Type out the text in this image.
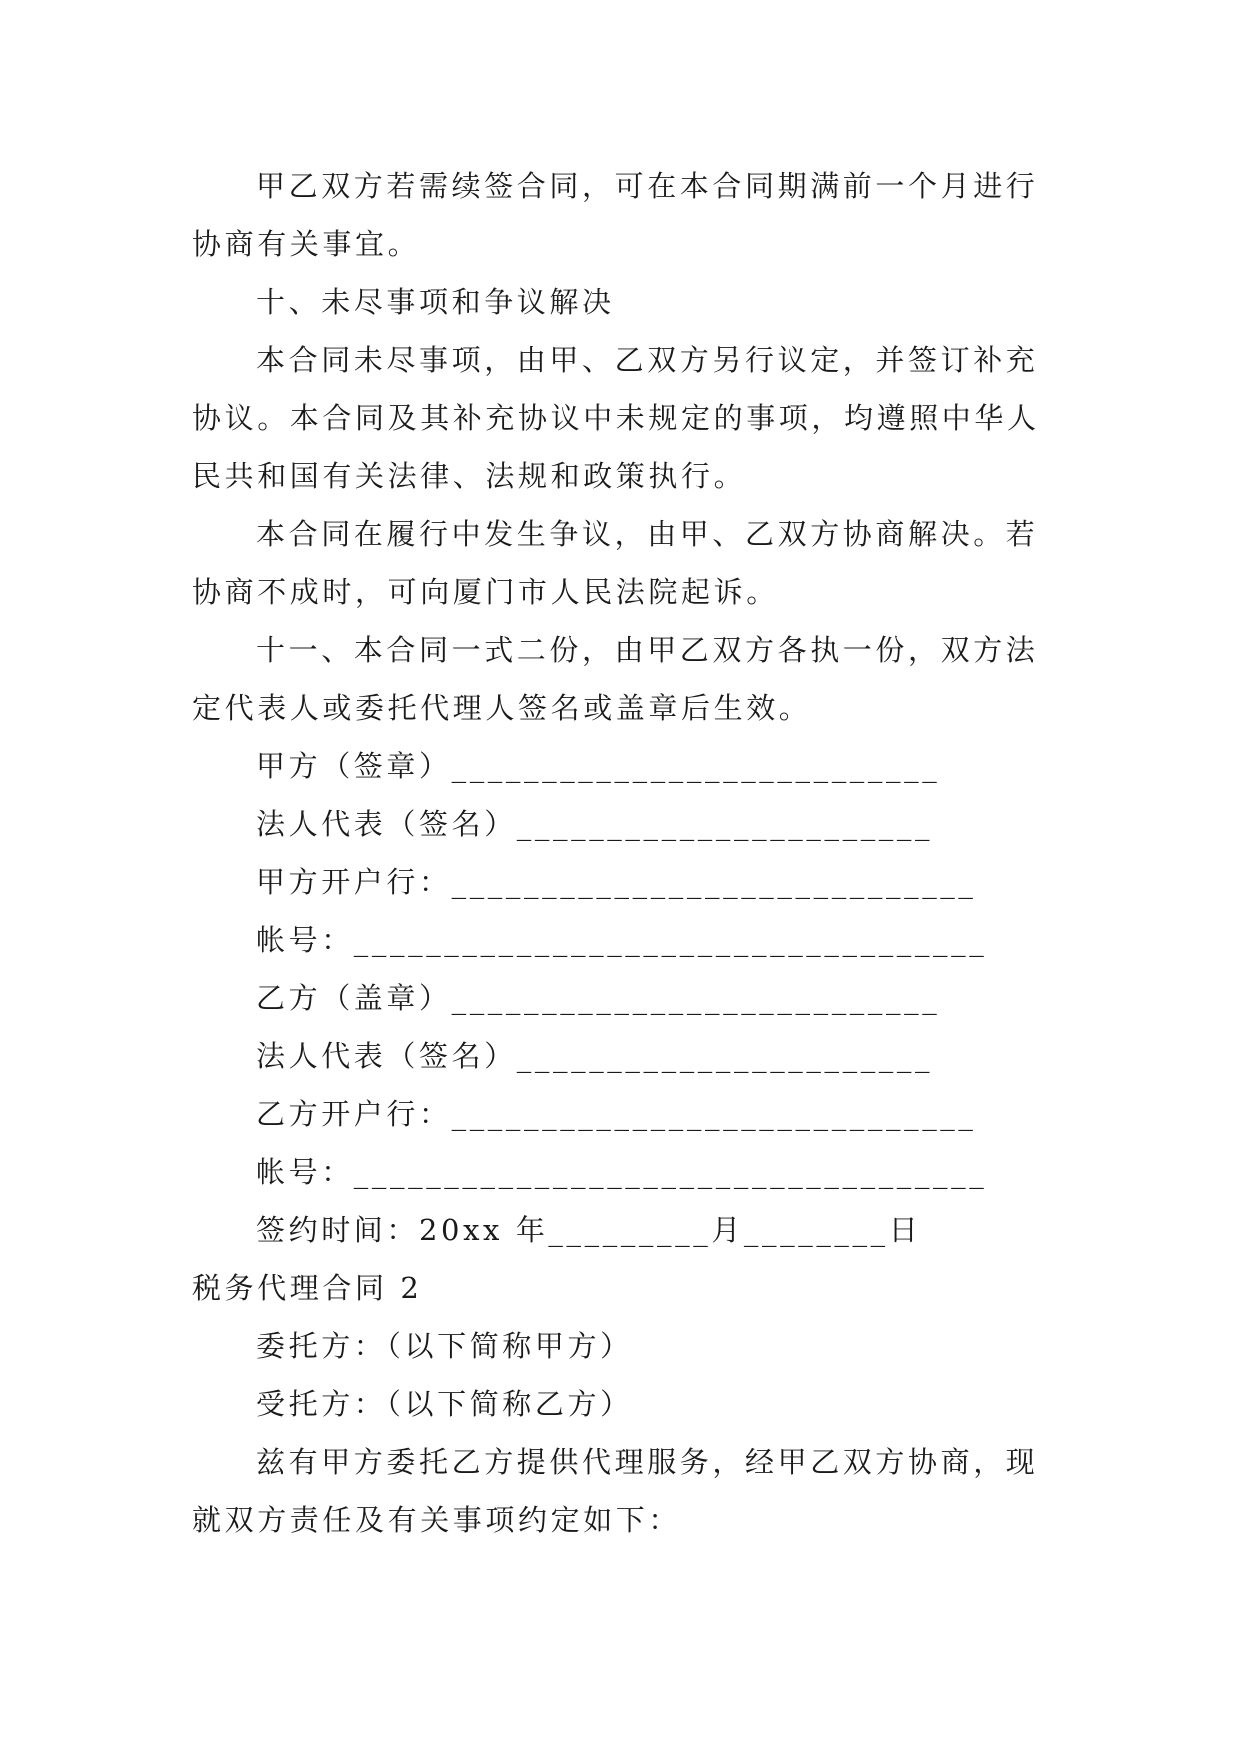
甲乙双方若需续签合同，可在本合同期满前一个月进行协商有关事宜。

十、未尽事项和争议解决

本合同未尽事项，由甲、乙双方另行议定，并签订补充协议。本合同及其补充协议中未规定的事项，均遵照中华人民共和国有关法律、法规和政策执行。

本合同在履行中发生争议，由甲、乙双方协商解决。若协商不成时，可向厦门市人民法院起诉。

十一、本合同一式二份，由甲乙双方各执一份，双方法定代表人或委托代理人签名或盖章后生效。

甲方（签章）___________________________
法人代表（签名）_______________________
甲方开户行：_____________________________
帐号：___________________________________
乙方（盖章）___________________________
法人代表（签名）_______________________
乙方开户行：_____________________________
帐号：___________________________________
签约时间：20xx 年_________月________日
税务代理合同 2
委托方：（以下简称甲方）
受托方：（以下简称乙方）

兹有甲方委托乙方提供代理服务，经甲乙双方协商，现就双方责任及有关事项约定如下：
